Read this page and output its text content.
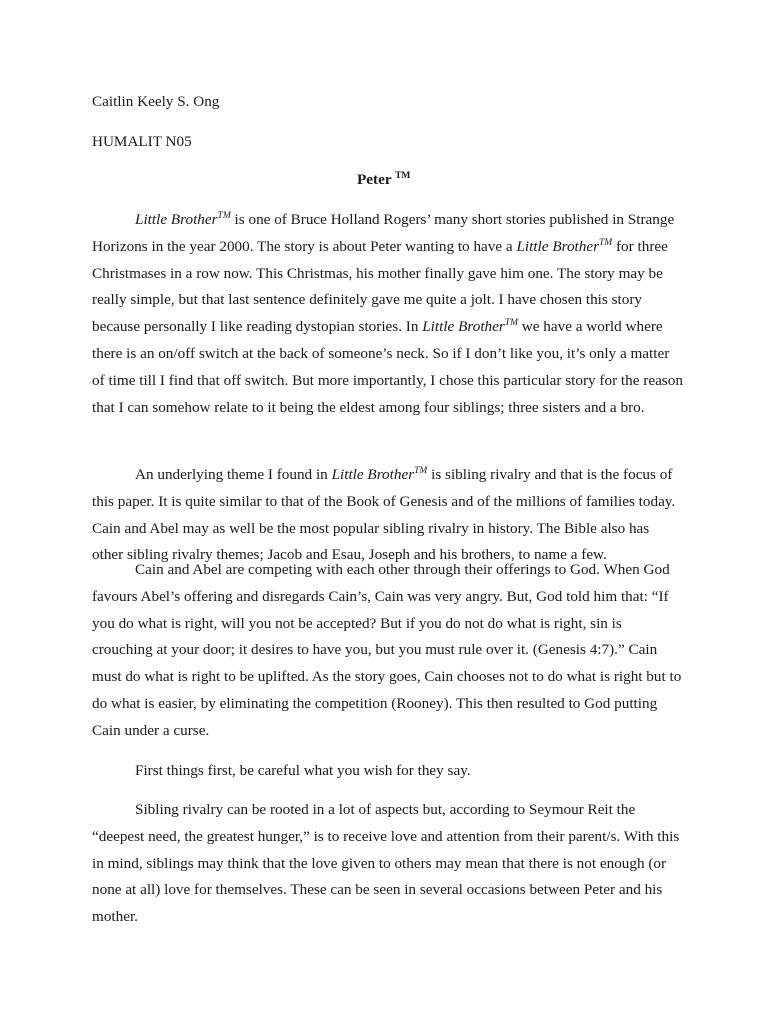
Caitlin Keely S. Ong
HUMALIT N05
Peter ™
Little Brother™ is one of Bruce Holland Rogers’ many short stories published in Strange
Horizons in the year 2000. The story is about Peter wanting to have a Little Brother™ for three
Christmases in a row now. This Christmas, his mother finally gave him one. The story may be
really simple, but that last sentence definitely gave me quite a jolt. I have chosen this story
because personally I like reading dystopian stories. In Little Brother™ we have a world where
there is an on/off switch at the back of someone’s neck. So if I don’t like you, it’s only a matter
of time till I find that off switch. But more importantly, I chose this particular story for the reason
that I can somehow relate to it being the eldest among four siblings; three sisters and a bro.
An underlying theme I found in Little Brother™ is sibling rivalry and that is the focus of
this paper. It is quite similar to that of the Book of Genesis and of the millions of families today.
Cain and Abel may as well be the most popular sibling rivalry in history. The Bible also has
other sibling rivalry themes; Jacob and Esau, Joseph and his brothers, to name a few.
Cain and Abel are competing with each other through their offerings to God. When God
favours Abel’s offering and disregards Cain’s, Cain was very angry. But, God told him that: “If
you do what is right, will you not be accepted? But if you do not do what is right, sin is
crouching at your door; it desires to have you, but you must rule over it. (Genesis 4:7).” Cain
must do what is right to be uplifted. As the story goes, Cain chooses not to do what is right but to
do what is easier, by eliminating the competition (Rooney). This then resulted to God putting
Cain under a curse.
First things first, be careful what you wish for they say.
Sibling rivalry can be rooted in a lot of aspects but, according to Seymour Reit the
“deepest need, the greatest hunger,” is to receive love and attention from their parent/s. With this
in mind, siblings may think that the love given to others may mean that there is not enough (or
none at all) love for themselves. These can be seen in several occasions between Peter and his
mother.
